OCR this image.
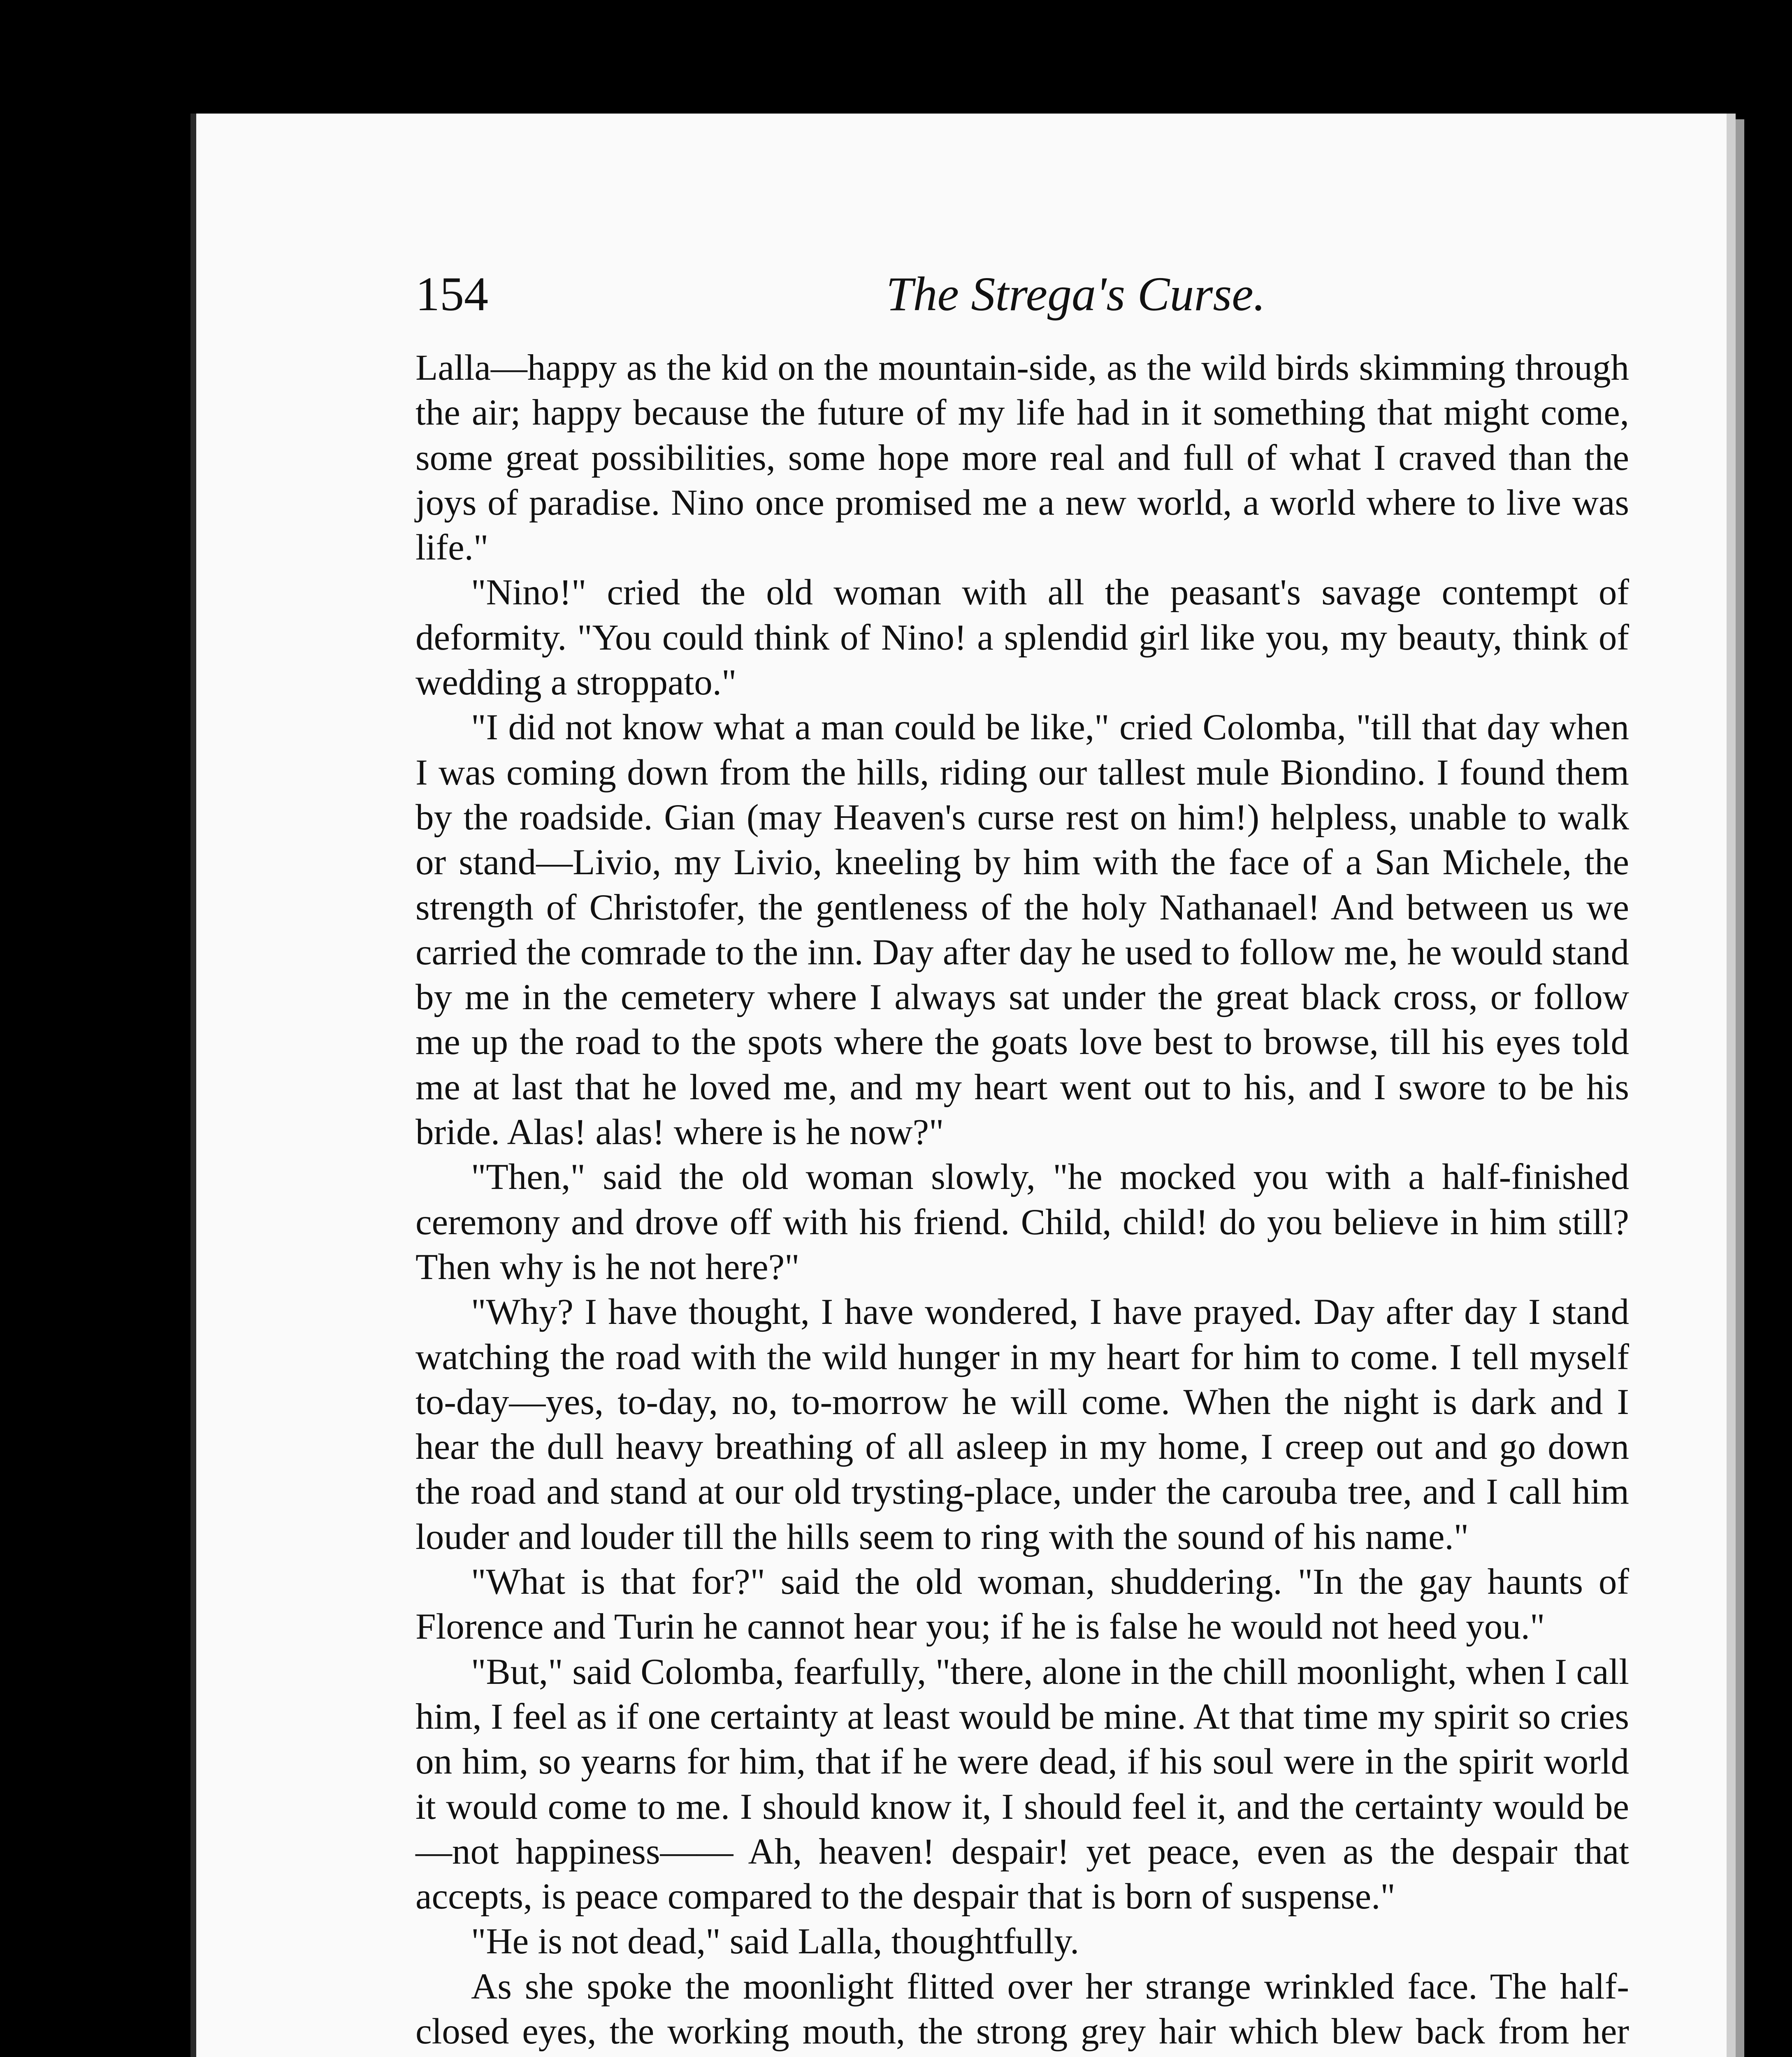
154	The Strega's Curse.

Lalla—happy as the kid on the mountain-side, as the wild birds skimming through the air; happy because the future of my life had in it something that might come, some great possibilities, some hope more real and full of what I craved than the joys of paradise. Nino once promised me a new world, a world where to live was life."

"Nino!" cried the old woman with all the peasant's savage contempt of deformity. "You could think of Nino! a splendid girl like you, my beauty, think of wedding a stroppato."

"I did not know what a man could be like," cried Colomba, "till that day when I was coming down from the hills, riding our tallest mule Biondino. I found them by the roadside. Gian (may Heaven's curse rest on him!) helpless, unable to walk or stand—Livio, my Livio, kneeling by him with the face of a San Michele, the strength of Christofer, the gentleness of the holy Nathanael! And between us we carried the comrade to the inn. Day after day he used to follow me, he would stand by me in the cemetery where I always sat under the great black cross, or follow me up the road to the spots where the goats love best to browse, till his eyes told me at last that he loved me, and my heart went out to his, and I swore to be his bride. Alas! alas! where is he now?"

"Then," said the old woman slowly, "he mocked you with a half-finished ceremony and drove off with his friend. Child, child! do you believe in him still? Then why is he not here?"

"Why? I have thought, I have wondered, I have prayed. Day after day I stand watching the road with the wild hunger in my heart for him to come. I tell myself to-day—yes, to-day, no, to-morrow he will come. When the night is dark and I hear the dull heavy breathing of all asleep in my home, I creep out and go down the road and stand at our old trysting-place, under the carouba tree, and I call him louder and louder till the hills seem to ring with the sound of his name."

"What is that for?" said the old woman, shuddering. "In the gay haunts of Florence and Turin he cannot hear you; if he is false he would not heed you."

"But," said Colomba, fearfully, "there, alone in the chill moonlight, when I call him, I feel as if one certainty at least would be mine. At that time my spirit so cries on him, so yearns for him, that if he were dead, if his soul were in the spirit world it would come to me. I should know it, I should feel it, and the certainty would be—not happiness—— Ah, heaven! despair! yet peace, even as the despair that accepts, is peace compared to the despair that is born of suspense."

"He is not dead," said Lalla, thoughtfully.

As she spoke the moonlight flitted over her strange wrinkled face. The half-closed eyes, the working mouth, the strong grey hair which blew back from her
